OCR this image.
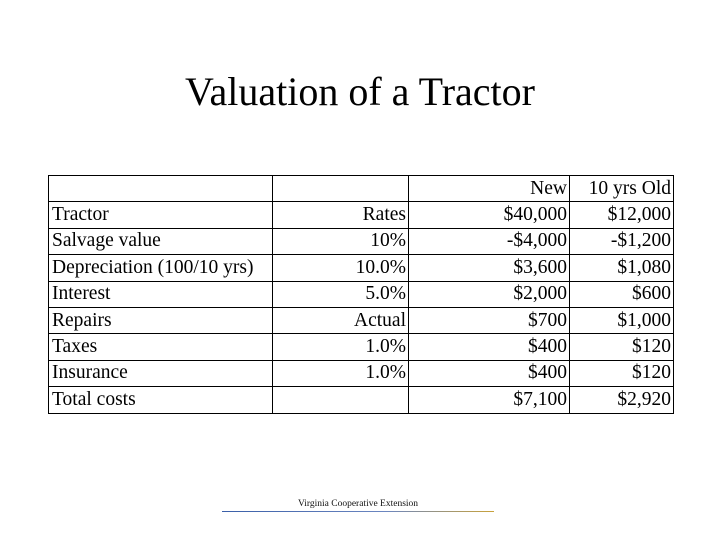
Valuation of a Tractor
		New	10 yrs Old
Tractor	Rates	$40,000	$12,000
Salvage value	10%	-$4,000	-$1,200
Depreciation (100/10 yrs)	10.0%	$3,600	$1,080
Interest	5.0%	$2,000	$600
Repairs	Actual	$700	$1,000
Taxes	1.0%	$400	$120
Insurance	1.0%	$400	$120
Total costs		$7,100	$2,920
Virginia Cooperative Extension
